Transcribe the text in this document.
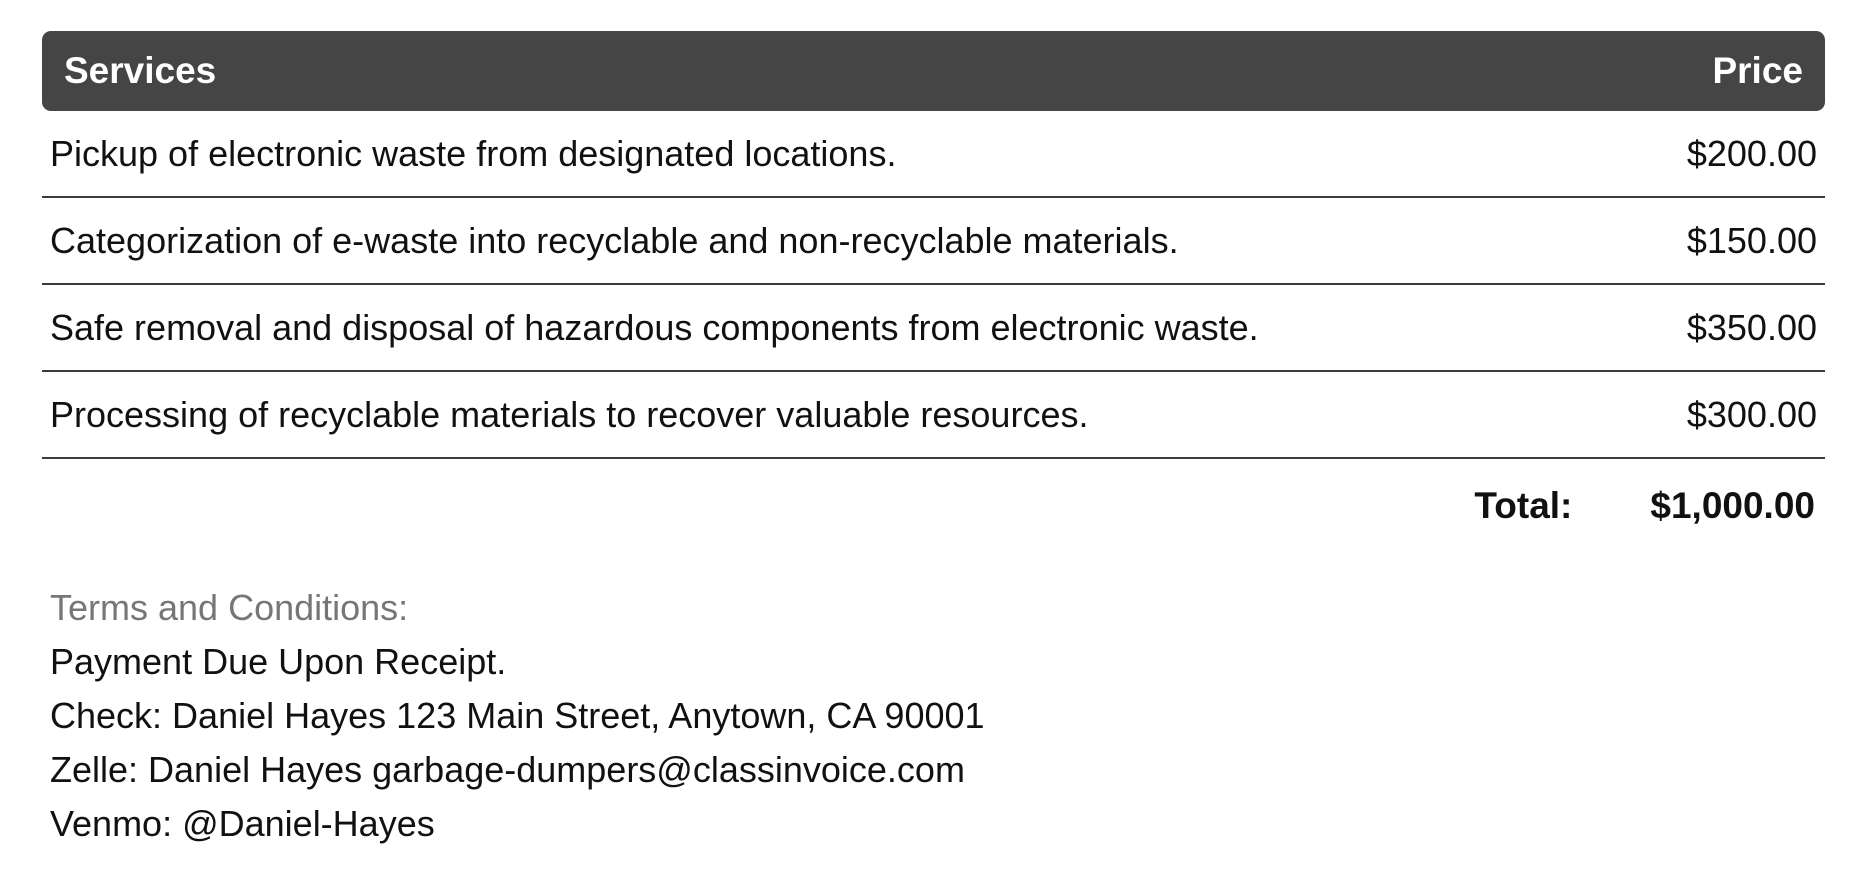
Services	Price
Pickup of electronic waste from designated locations.	$200.00
Categorization of e-waste into recyclable and non-recyclable materials.	$150.00
Safe removal and disposal of hazardous components from electronic waste.	$350.00
Processing of recyclable materials to recover valuable resources.	$300.00
Total: $1,000.00
Terms and Conditions:
Payment Due Upon Receipt.
Check: Daniel Hayes 123 Main Street, Anytown, CA 90001
Zelle: Daniel Hayes garbage-dumpers@classinvoice.com
Venmo: @Daniel-Hayes
